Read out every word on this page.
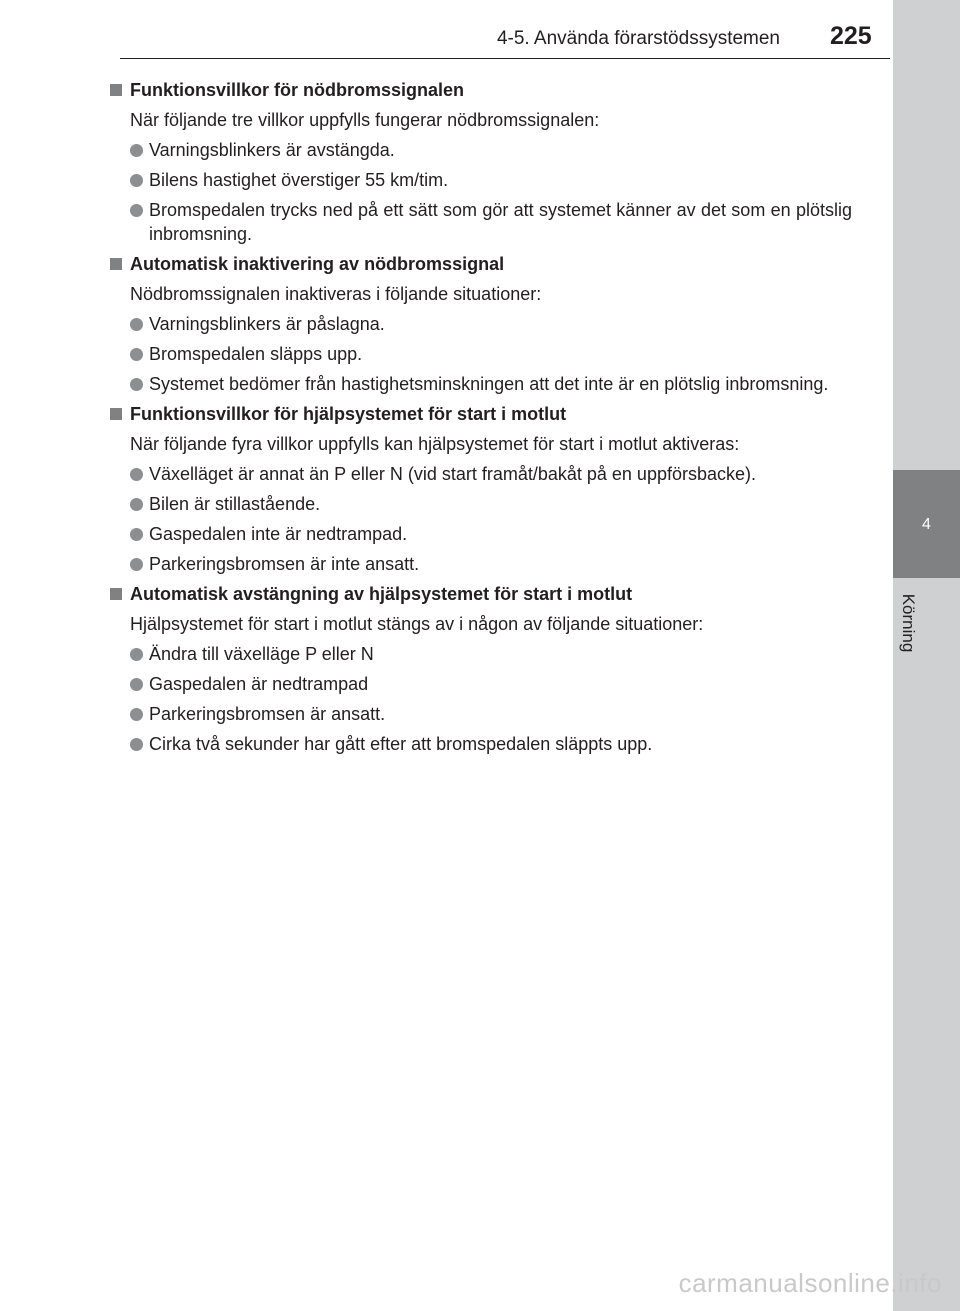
4-5. Använda förarstödssystemen 225
4
Körning
Funktionsvillkor för nödbromssignalen
När följande tre villkor uppfylls fungerar nödbromssignalen:
Varningsblinkers är avstängda.
Bilens hastighet överstiger 55 km/tim.
Bromspedalen trycks ned på ett sätt som gör att systemet känner av det som en plötslig inbromsning.
Automatisk inaktivering av nödbromssignal
Nödbromssignalen inaktiveras i följande situationer:
Varningsblinkers är påslagna.
Bromspedalen släpps upp.
Systemet bedömer från hastighetsminskningen att det inte är en plötslig inbromsning.
Funktionsvillkor för hjälpsystemet för start i motlut
När följande fyra villkor uppfylls kan hjälpsystemet för start i motlut aktiveras:
Växelläget är annat än P eller N (vid start framåt/bakåt på en uppförsbacke).
Bilen är stillastående.
Gaspedalen inte är nedtrampad.
Parkeringsbromsen är inte ansatt.
Automatisk avstängning av hjälpsystemet för start i motlut
Hjälpsystemet för start i motlut stängs av i någon av följande situationer:
Ändra till växelläge P eller N
Gaspedalen är nedtrampad
Parkeringsbromsen är ansatt.
Cirka två sekunder har gått efter att bromspedalen släppts upp.
carmanualsonline.info
